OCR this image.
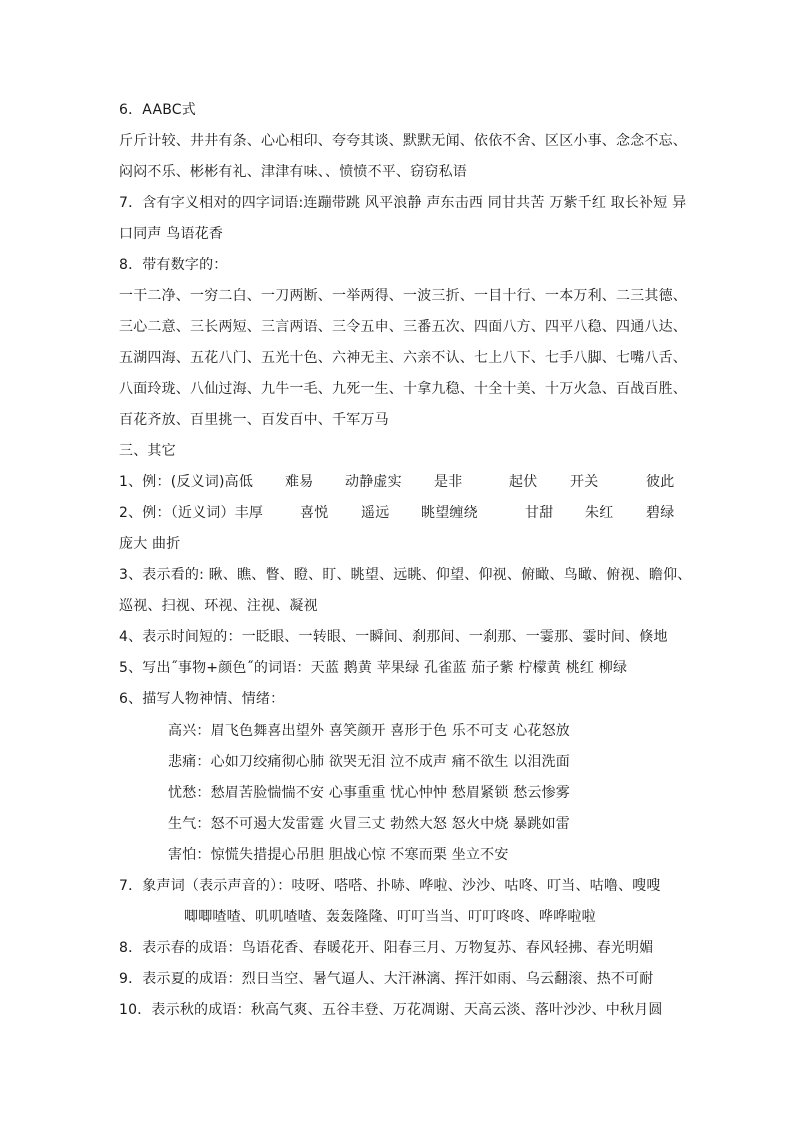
6．AABC式
斤斤计较、井井有条、心心相印、夸夸其谈、默默无闻、依依不舍、区区小事、念念不忘、
闷闷不乐、彬彬有礼、津津有味、、愤愤不平、窃窃私语
7．含有字义相对的四字词语:连蹦带跳 风平浪静 声东击西 同甘共苦 万紫千红 取长补短 异
口同声 鸟语花香
8．带有数字的：
一干二净、一穷二白、一刀两断、一举两得、一波三折、一目十行、一本万利、二三其德、
三心二意、三长两短、三言两语、三令五申、三番五次、四面八方、四平八稳、四通八达、
五湖四海、五花八门、五光十色、六神无主、六亲不认、七上八下、七手八脚、七嘴八舌、
八面玲珑、八仙过海、九牛一毛、九死一生、十拿九稳、十全十美、十万火急、百战百胜、
百花齐放、百里挑一、百发百中、千军万马
三、其它
1、例：(反义词)高低 难易 动静虚实 是非	起伏 开关	彼此
2、例：（近义词）丰厚	喜悦 遥远 眺望缠绕	甘甜 朱红 碧绿
庞大 曲折
3、表示看的: 瞅、瞧、瞥、瞪、盯、眺望、远眺、仰望、仰视、俯瞰、鸟瞰、俯视、瞻仰、
巡视、扫视、环视、注视、凝视
4、表示时间短的：一眨眼、一转眼、一瞬间、刹那间、一刹那、一霎那、霎时间、倏地
5、写出˝事物+颜色˝的词语：天蓝 鹅黄 苹果绿 孔雀蓝 茄子紫 柠檬黄 桃红 柳绿
6、描写人物神情、情绪：
高兴：眉飞色舞喜出望外 喜笑颜开 喜形于色 乐不可支 心花怒放
悲痛：心如刀绞痛彻心肺 欲哭无泪 泣不成声 痛不欲生 以泪洗面
忧愁：愁眉苦脸惴惴不安 心事重重 忧心忡忡 愁眉紧锁 愁云惨雾
生气：怒不可遏大发雷霆 火冒三丈 勃然大怒 怒火中烧 暴跳如雷
害怕：惊慌失措提心吊胆 胆战心惊 不寒而栗 坐立不安
7．象声词（表示声音的）：吱呀、嗒嗒、扑哧、哗啦、沙沙、咕咚、叮当、咕噜、嗖嗖
唧唧喳喳、叽叽喳喳、轰轰隆隆、叮叮当当、叮叮咚咚、哗哗啦啦
8．表示春的成语：鸟语花香、春暖花开、阳春三月、万物复苏、春风轻拂、春光明媚
9．表示夏的成语：烈日当空、暑气逼人、大汗淋漓、挥汗如雨、乌云翻滚、热不可耐
10．表示秋的成语：秋高气爽、五谷丰登、万花凋谢、天高云淡、落叶沙沙、中秋月圆
